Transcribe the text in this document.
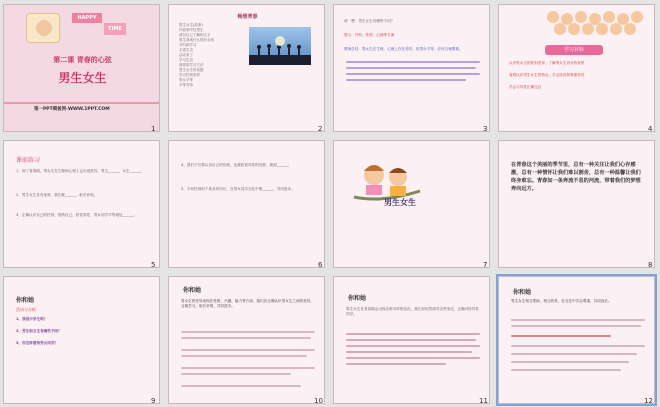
HAPPY
TIME
第二课 青春的心弦
男生女生
第一PPT模板网-WWW.1PPT.COM
1
畅想青春
男生女生(故事)
内容到中性男生
请以自己了解的文字
男生喜欢什么样的女孩
平时和学习
丰富生活
活动来了
学习生活
请你的学习方法
男生女生的话题
学习性别差异
男女平等
平等对待
2
请一想：男生女生有哪些不同？
提示：外形、性格、心理等方面
教师总结：男女生在生理、心理上存在差异，但男女平等，应该互相尊重。
3
学习目标
认识男女生的性别差异，了解男女生各自的优势
客观认识男生女生的特点，学会欣赏和尊重异性
学会与异性正确交往
4
课前练习
1、到了青春期，男女生在生理和心理上会出现差异，男生______，女生______。
2、男生女生各有优势，我们要______，取长补短。
3、正确认识自己的性别，悦纳自己，欣赏异性，男女同学平等相处______。
5
4、我们不仅要认识自己的优势，也要欣赏异性的优势，做到______。
5、不同性别的个体各有所长，在男女同学交往中要______，共同进步。
6
男生女生
7
在青春这个美丽的季节里，总有一种关注让我们心存感激，总有一种情怀让我们难以割舍，总有一种温馨让我们终身难忘。青春如一条奔流不息的河流，带着我们的梦想奔向远方。
8
你和她
活动与分析
1、我是中学生吗？
2、男生和女生有哪些不同？
3、你怎样看待男女同学？
9
你和她
男女生的差异表现在性格、兴趣、能力等方面，我们应正确认识男女生之间的差异，互相学习，取长补短，共同进步。
10
你和她
男生女生在青春期会出现各种各样的变化，我们应坦然面对这些变化，正确对待异性同学。
11
你和她
男生女生相互帮助，相互欣赏，在交往中学会尊重，共同成长。
12
